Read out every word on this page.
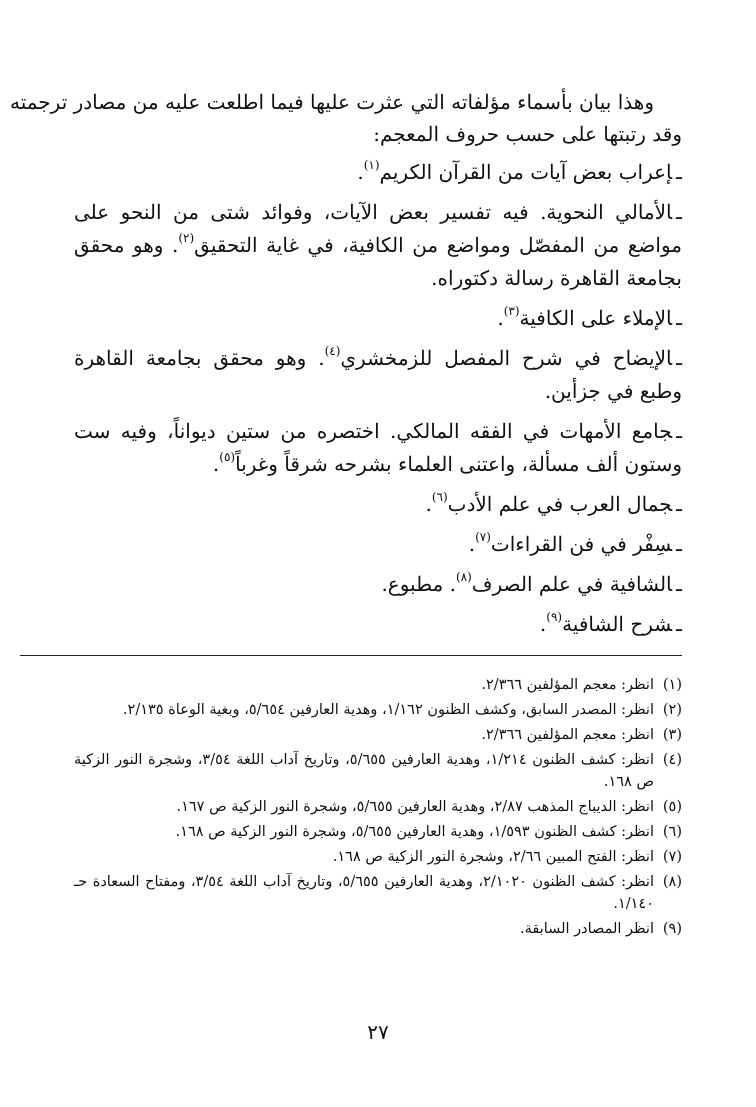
وهذا بيان بأسماء مؤلفاته التي عثرت عليها فيما اطلعت عليه من مصادر ترجمته
وقد رتبتها على حسب حروف المعجم:
ـإعراب بعض آيات من القرآن الكريم$^{(١)}$.
ـالأمالي النحوية. فيه تفسير بعض الآيات، وفوائد شتى من النحو على مواضع من المفصّل ومواضع من الكافية، في غاية التحقيق$^{(٢)}$. وهو محقق بجامعة القاهرة رسالة دكتوراه.
ـالإملاء على الكافية$^{(٣)}$.
ـالإيضاح في شرح المفصل للزمخشري$^{(٤)}$. وهو محقق بجامعة القاهرة وطبع في جزأين.
ـجامع الأمهات في الفقه المالكي. اختصره من ستين ديواناً، وفيه ست وستون ألف مسألة، واعتنى العلماء بشرحه شرقاً وغرباً$^{(٥)}$.
ـجمال العرب في علم الأدب$^{(٦)}$.
ـسِفْر في فن القراءات$^{(٧)}$.
ـالشافية في علم الصرف$^{(٨)}$. مطبوع.
ـشرح الشافية$^{(٩)}$.
(١)
انظر: معجم المؤلفين ٢/٣٦٦.
(٢)
انظر: المصدر السابق، وكشف الظنون ١/١٦٢، وهدية العارفين ٥/٦٥٤، وبغية الوعاة ٢/١٣٥.
(٣)
انظر: معجم المؤلفين ٢/٣٦٦.
(٤)
انظر: كشف الظنون ١/٢١٤، وهدية العارفين ٥/٦٥٥، وتاريخ آداب اللغة ٣/٥٤، وشجرة النور الزكية ص ١٦٨.
(٥)
انظر: الديباج المذهب ٢/٨٧، وهدية العارفين ٥/٦٥٥، وشجرة النور الزكية ص ١٦٧.
(٦)
انظر: كشف الظنون ١/٥٩٣، وهدية العارفين ٥/٦٥٥، وشجرة النور الزكية ص ١٦٨.
(٧)
انظر: الفتح المبين ٢/٦٦، وشجرة النور الزكية ص ١٦٨.
(٨)
انظر: كشف الظنون ٢/١٠٢٠، وهدية العارفين ٥/٦٥٥، وتاريخ آداب اللغة ٣/٥٤، ومفتاح السعادة حـ ١/١٤٠.
(٩)
انظر المصادر السابقة.
٢٧
